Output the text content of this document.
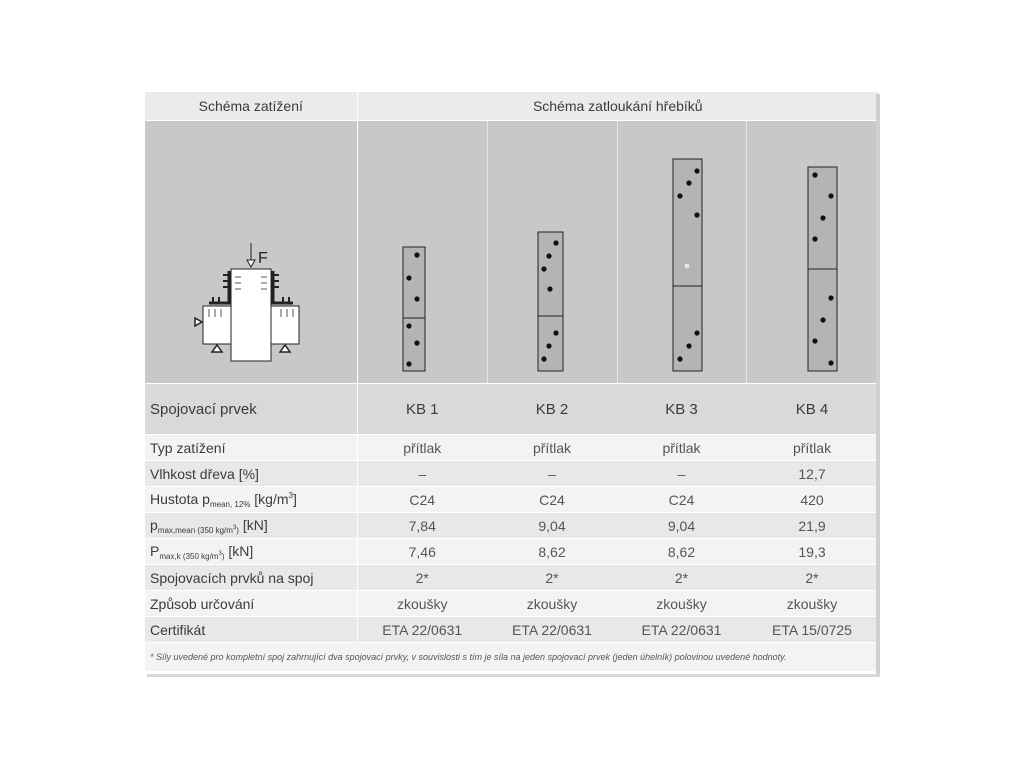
Schéma zatížení	Schéma zatloukání hřebíků			

F

Spojovací prvek	KB 1	KB 2	KB 3	KB 4
Typ zatížení	přítlak	přítlak	přítlak	přítlak
Vlhkost dřeva [%]	–	–	–	12,7
Hustota $p_{mean, 12\%}$ $[kg/m^3]$	C24	C24	C24	420
$p_{max,mean (350 kg/m^3)}$ [kN]	7,84	9,04	9,04	21,9
$P_{max,k (350 kg/m^3)}$ [kN]	7,46	8,62	8,62	19,3
Spojovacích prvků na spoj	2*	2*	2*	2*
Způsob určování	zkoušky	zkoušky	zkoušky	zkoušky
Certifikát	ETA 22/0631	ETA 22/0631	ETA 22/0631	ETA 15/0725
* Síly uvedené pro kompletní spoj zahrnující dva spojovací prvky, v souvislosti s tím je síla na jeden spojovací prvek (jeden úhelník) polovinou uvedené hodnoty.				
